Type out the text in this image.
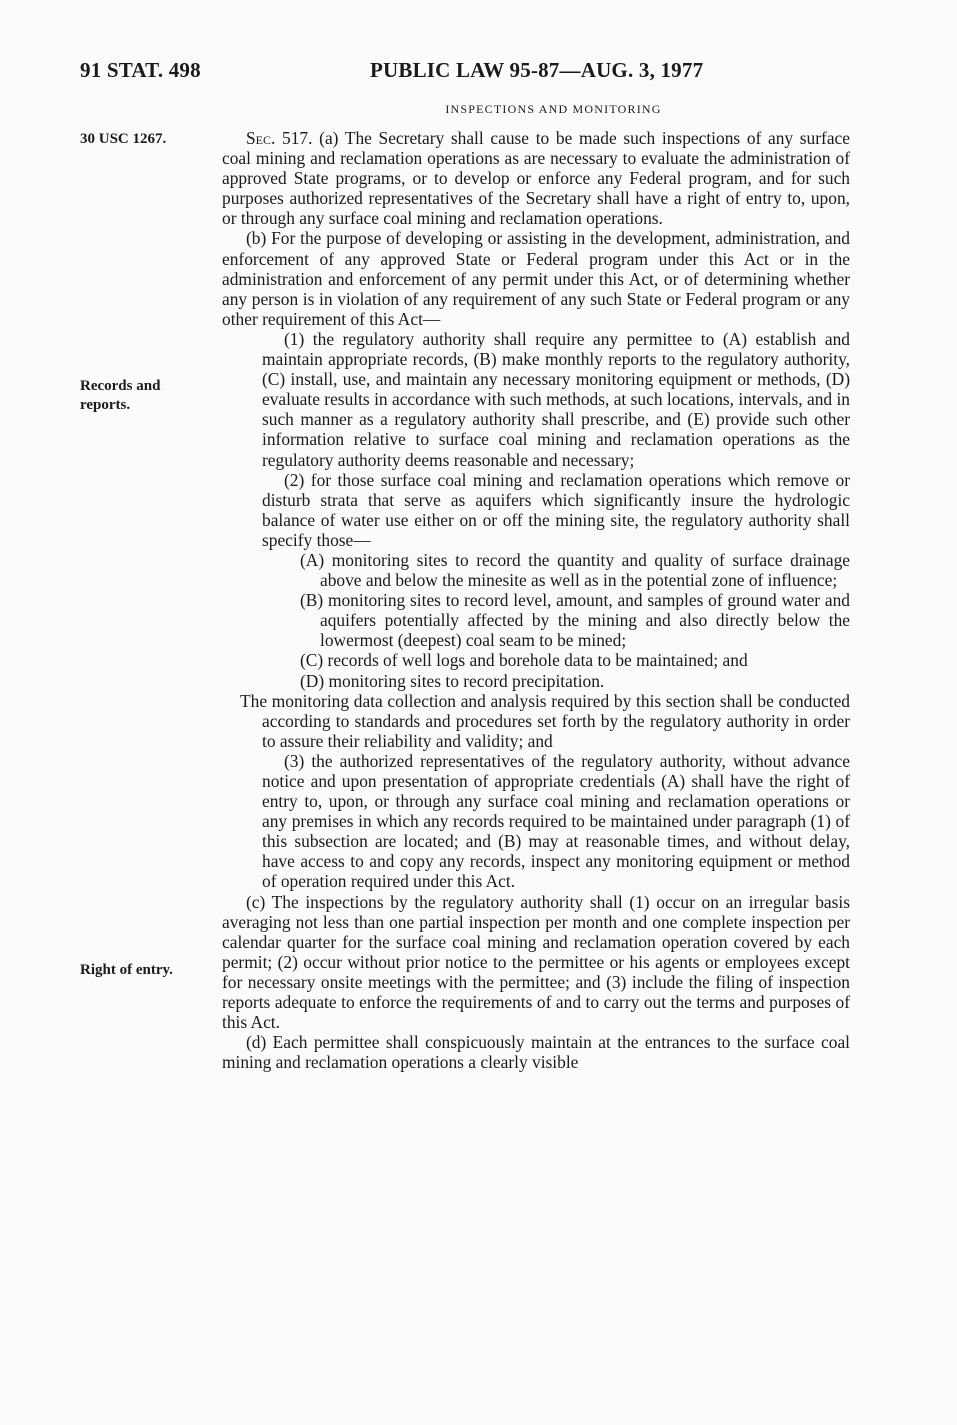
91 STAT. 498	PUBLIC LAW 95-87—AUG. 3, 1977
INSPECTIONS AND MONITORING
30 USC 1267.
Records and reports.
Right of entry.

Sec. 517. (a) The Secretary shall cause to be made such inspections of any surface coal mining and reclamation operations as are necessary to evaluate the administration of approved State programs, or to develop or enforce any Federal program, and for such purposes authorized representatives of the Secretary shall have a right of entry to, upon, or through any surface coal mining and reclamation operations.

(b) For the purpose of developing or assisting in the development, administration, and enforcement of any approved State or Federal program under this Act or in the administration and enforcement of any permit under this Act, or of determining whether any person is in violation of any requirement of any such State or Federal program or any other requirement of this Act—

(1) the regulatory authority shall require any permittee to (A) establish and maintain appropriate records, (B) make monthly reports to the regulatory authority, (C) install, use, and maintain any necessary monitoring equipment or methods, (D) evaluate results in accordance with such methods, at such locations, intervals, and in such manner as a regulatory authority shall prescribe, and (E) provide such other information relative to surface coal mining and reclamation operations as the regulatory authority deems reasonable and necessary;

(2) for those surface coal mining and reclamation operations which remove or disturb strata that serve as aquifers which significantly insure the hydrologic balance of water use either on or off the mining site, the regulatory authority shall specify those—

(A) monitoring sites to record the quantity and quality of surface drainage above and below the minesite as well as in the potential zone of influence;

(B) monitoring sites to record level, amount, and samples of ground water and aquifers potentially affected by the mining and also directly below the lowermost (deepest) coal seam to be mined;

(C) records of well logs and borehole data to be maintained; and

(D) monitoring sites to record precipitation.

The monitoring data collection and analysis required by this section shall be conducted according to standards and procedures set forth by the regulatory authority in order to assure their reliability and validity; and

(3) the authorized representatives of the regulatory authority, without advance notice and upon presentation of appropriate credentials (A) shall have the right of entry to, upon, or through any surface coal mining and reclamation operations or any premises in which any records required to be maintained under paragraph (1) of this subsection are located; and (B) may at reasonable times, and without delay, have access to and copy any records, inspect any monitoring equipment or method of operation required under this Act.

(c) The inspections by the regulatory authority shall (1) occur on an irregular basis averaging not less than one partial inspection per month and one complete inspection per calendar quarter for the surface coal mining and reclamation operation covered by each permit; (2) occur without prior notice to the permittee or his agents or employees except for necessary onsite meetings with the permittee; and (3) include the filing of inspection reports adequate to enforce the requirements of and to carry out the terms and purposes of this Act.

(d) Each permittee shall conspicuously maintain at the entrances to the surface coal mining and reclamation operations a clearly visible
